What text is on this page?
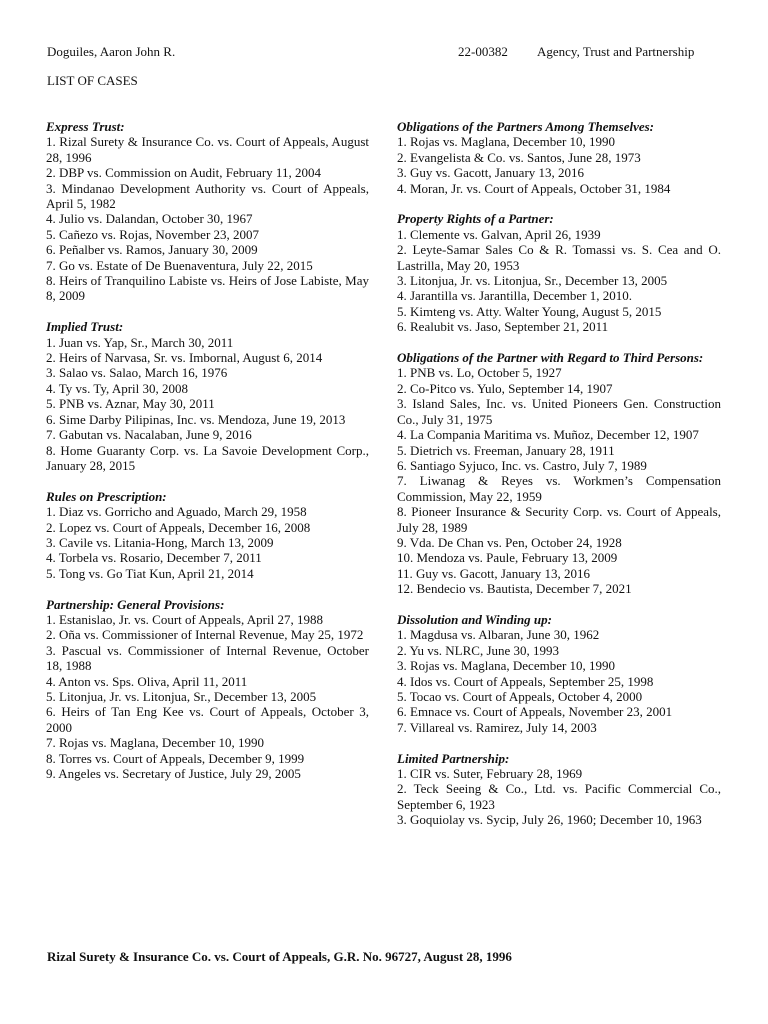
Doguiles, Aaron John R.	22-00382 Agency, Trust and Partnership
LIST OF CASES
Express Trust:
1. Rizal Surety & Insurance Co. vs. Court of Appeals, August 28, 1996
2. DBP vs. Commission on Audit, February 11, 2004
3. Mindanao Development Authority vs. Court of Appeals, April 5, 1982
4. Julio vs. Dalandan, October 30, 1967
5. Cañezo vs. Rojas, November 23, 2007
6. Peñalber vs. Ramos, January 30, 2009
7. Go vs. Estate of De Buenaventura, July 22, 2015
8. Heirs of Tranquilino Labiste vs. Heirs of Jose Labiste, May 8, 2009
Implied Trust:
1. Juan vs. Yap, Sr., March 30, 2011
2. Heirs of Narvasa, Sr. vs. Imbornal, August 6, 2014
3. Salao vs. Salao, March 16, 1976
4. Ty vs. Ty, April 30, 2008
5. PNB vs. Aznar, May 30, 2011
6. Sime Darby Pilipinas, Inc. vs. Mendoza, June 19, 2013
7. Gabutan vs. Nacalaban, June 9, 2016
8. Home Guaranty Corp. vs. La Savoie Development Corp., January 28, 2015
Rules on Prescription:
1. Diaz vs. Gorricho and Aguado, March 29, 1958
2. Lopez vs. Court of Appeals, December 16, 2008
3. Cavile vs. Litania-Hong, March 13, 2009
4. Torbela vs. Rosario, December 7, 2011
5. Tong vs. Go Tiat Kun, April 21, 2014
Partnership: General Provisions:
1. Estanislao, Jr. vs. Court of Appeals, April 27, 1988
2. Oña vs. Commissioner of Internal Revenue, May 25, 1972
3. Pascual vs. Commissioner of Internal Revenue, October 18, 1988
4. Anton vs. Sps. Oliva, April 11, 2011
5. Litonjua, Jr. vs. Litonjua, Sr., December 13, 2005
6. Heirs of Tan Eng Kee vs. Court of Appeals, October 3, 2000
7. Rojas vs. Maglana, December 10, 1990
8. Torres vs. Court of Appeals, December 9, 1999
9. Angeles vs. Secretary of Justice, July 29, 2005
Obligations of the Partners Among Themselves:
1. Rojas vs. Maglana, December 10, 1990
2. Evangelista & Co. vs. Santos, June 28, 1973
3. Guy vs. Gacott, January 13, 2016
4. Moran, Jr. vs. Court of Appeals, October 31, 1984
Property Rights of a Partner:
1. Clemente vs. Galvan, April 26, 1939
2. Leyte-Samar Sales Co & R. Tomassi vs. S. Cea and O. Lastrilla, May 20, 1953
3. Litonjua, Jr. vs. Litonjua, Sr., December 13, 2005
4. Jarantilla vs. Jarantilla, December 1, 2010.
5. Kimteng vs. Atty. Walter Young, August 5, 2015
6. Realubit vs. Jaso, September 21, 2011
Obligations of the Partner with Regard to Third Persons:
1. PNB vs. Lo, October 5, 1927
2. Co-Pitco vs. Yulo, September 14, 1907
3. Island Sales, Inc. vs. United Pioneers Gen. Construction Co., July 31, 1975
4. La Compania Maritima vs. Muñoz, December 12, 1907
5. Dietrich vs. Freeman, January 28, 1911
6. Santiago Syjuco, Inc. vs. Castro, July 7, 1989
7. Liwanag & Reyes vs. Workmen’s Compensation Commission, May 22, 1959
8. Pioneer Insurance & Security Corp. vs. Court of Appeals, July 28, 1989
9. Vda. De Chan vs. Pen, October 24, 1928
10. Mendoza vs. Paule, February 13, 2009
11. Guy vs. Gacott, January 13, 2016
12. Bendecio vs. Bautista, December 7, 2021
Dissolution and Winding up:
1. Magdusa vs. Albaran, June 30, 1962
2. Yu vs. NLRC, June 30, 1993
3. Rojas vs. Maglana, December 10, 1990
4. Idos vs. Court of Appeals, September 25, 1998
5. Tocao vs. Court of Appeals, October 4, 2000
6. Emnace vs. Court of Appeals, November 23, 2001
7. Villareal vs. Ramirez, July 14, 2003
Limited Partnership:
1. CIR vs. Suter, February 28, 1969
2. Teck Seeing & Co., Ltd. vs. Pacific Commercial Co., September 6, 1923
3. Goquiolay vs. Sycip, July 26, 1960; December 10, 1963
Rizal Surety & Insurance Co. vs. Court of Appeals, G.R. No. 96727, August 28, 1996
